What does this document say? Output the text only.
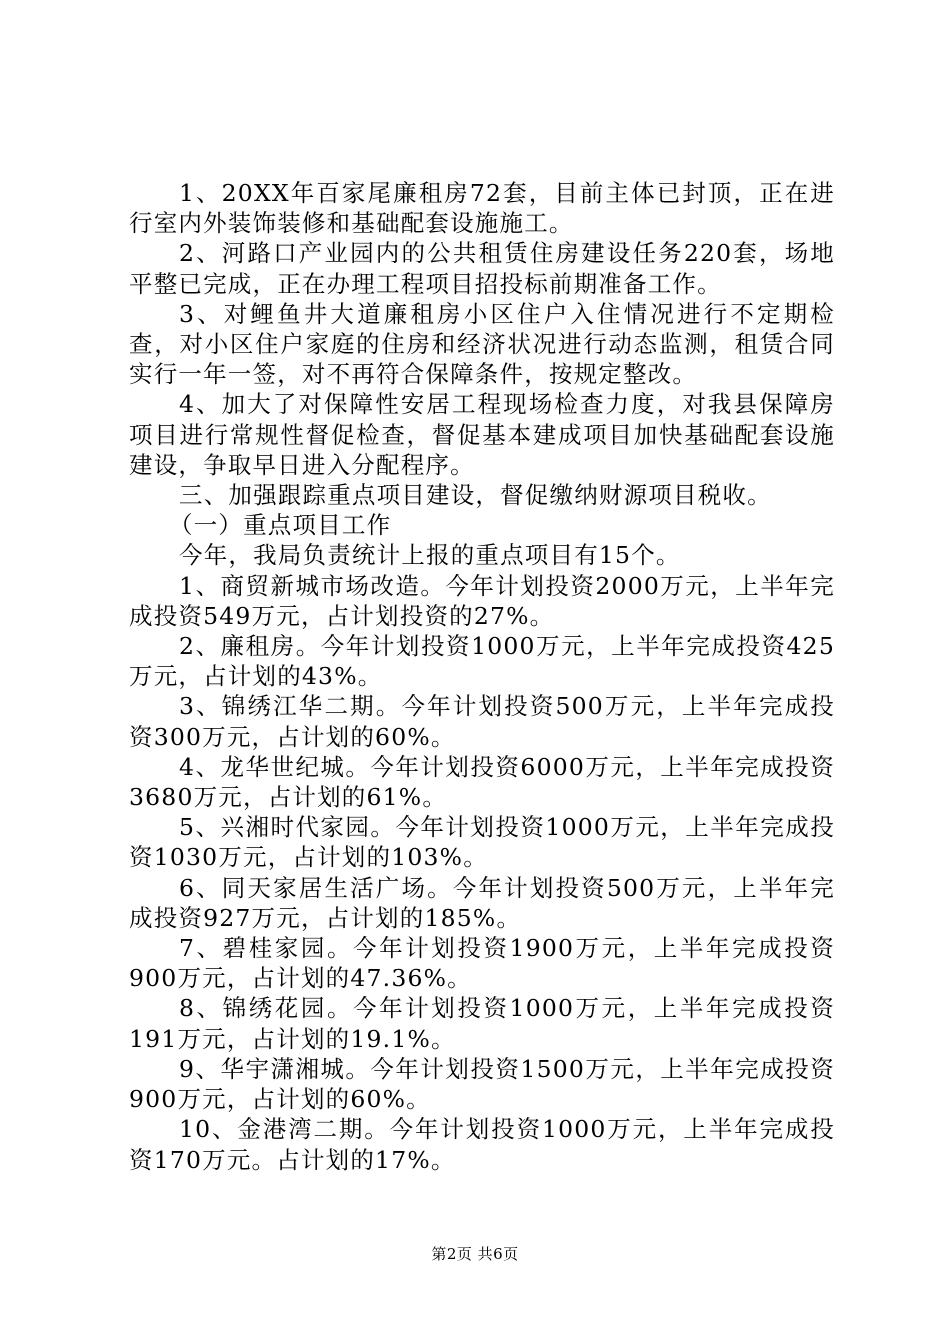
1、20XX年百家尾廉租房72套，目前主体已封顶，正在进行室内外装饰装修和基础配套设施施工。

2、河路口产业园内的公共租赁住房建设任务220套，场地平整已完成，正在办理工程项目招投标前期准备工作。

3、对鲤鱼井大道廉租房小区住户入住情况进行不定期检查，对小区住户家庭的住房和经济状况进行动态监测，租赁合同实行一年一签，对不再符合保障条件，按规定整改。

4、加大了对保障性安居工程现场检查力度，对我县保障房项目进行常规性督促检查，督促基本建成项目加快基础配套设施建设，争取早日进入分配程序。

三、加强跟踪重点项目建设，督促缴纳财源项目税收。

（一）重点项目工作

今年，我局负责统计上报的重点项目有15个。

1、商贸新城市场改造。今年计划投资2000万元，上半年完成投资549万元，占计划投资的27%。

2、廉租房。今年计划投资1000万元，上半年完成投资425万元，占计划的43%。

3、锦绣江华二期。今年计划投资500万元，上半年完成投资300万元，占计划的60%。

4、龙华世纪城。今年计划投资6000万元，上半年完成投资3680万元，占计划的61%。

5、兴湘时代家园。今年计划投资1000万元，上半年完成投资1030万元，占计划的103%。

6、同天家居生活广场。今年计划投资500万元，上半年完成投资927万元，占计划的185%。

7、碧桂家园。今年计划投资1900万元，上半年完成投资900万元，占计划的47.36%。

8、锦绣花园。今年计划投资1000万元，上半年完成投资191万元，占计划的19.1%。

9、华宇潇湘城。今年计划投资1500万元，上半年完成投资900万元，占计划的60%。

10、金港湾二期。今年计划投资1000万元，上半年完成投资170万元。占计划的17%。

第2页 共6页
